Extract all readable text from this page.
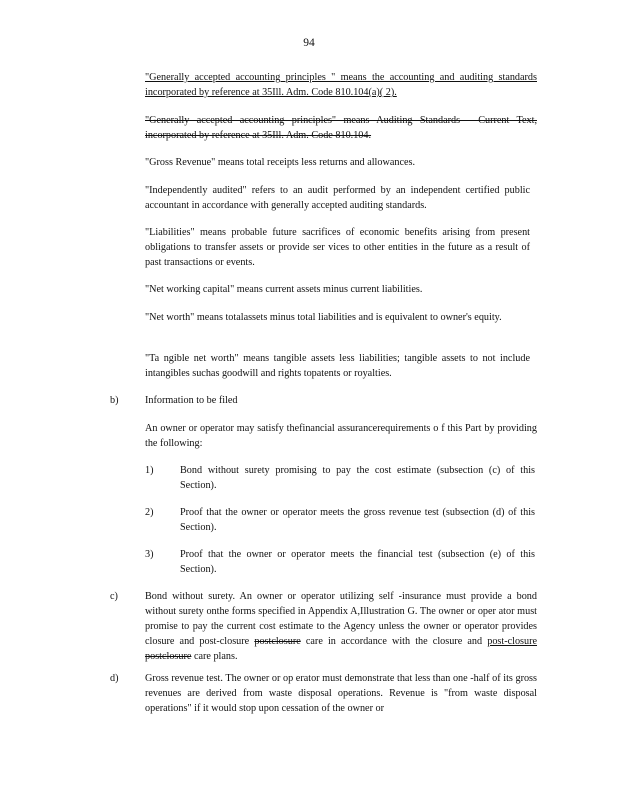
94
"Generally accepted accounting principles " means the accounting and auditing standards incorporated by reference at 35Ill. Adm. Code 810.104(a)( 2).
"Generally accepted accounting principles" means Auditing Standards - Current Text, incorporated by reference at 35Ill. Adm. Code 810.104.
"Gross Revenue" means total receipts less returns and allowances.
"Independently audited" refers to an audit performed by an independent certified public accountant in accordance with generally accepted auditing standards.
"Liabilities" means probable future sacrifices of economic benefits arising from present obligations to transfer assets or provide ser vices to other entities in the future as a result of past transactions or events.
"Net working capital" means current assets minus current liabilities.
"Net worth" means totalassets minus total liabilities and is equivalent to owner's equity.
"Ta ngible net worth" means tangible assets less liabilities; tangible assets to not include intangibles suchas goodwill and rights topatents or royalties.
b)	Information to be filed
An owner or operator may satisfy thefinancial assurancerequirements o f this Part by providing the following:
1)	Bond without surety promising to pay the cost estimate (subsection (c) of this Section).
2)	Proof that the owner or operator meets the gross revenue test (subsection (d) of this Section).
3)	Proof that the owner or operator meets the financial test (subsection (e) of this Section).
c)	Bond without surety. An owner or operator utilizing self -insurance must provide a bond without surety onthe forms specified in Appendix A,Illustration G. The owner or oper ator must promise to pay the current cost estimate to the Agency unless the owner or operator provides closure and post-closure postclosure care in accordance with the closure and post-closure postclosure care plans.
d)	Gross revenue test. The owner or op erator must demonstrate that less than one -half of its gross revenues are derived from waste disposal operations. Revenue is "from waste disposal operations" if it would stop upon cessation of the owner or
